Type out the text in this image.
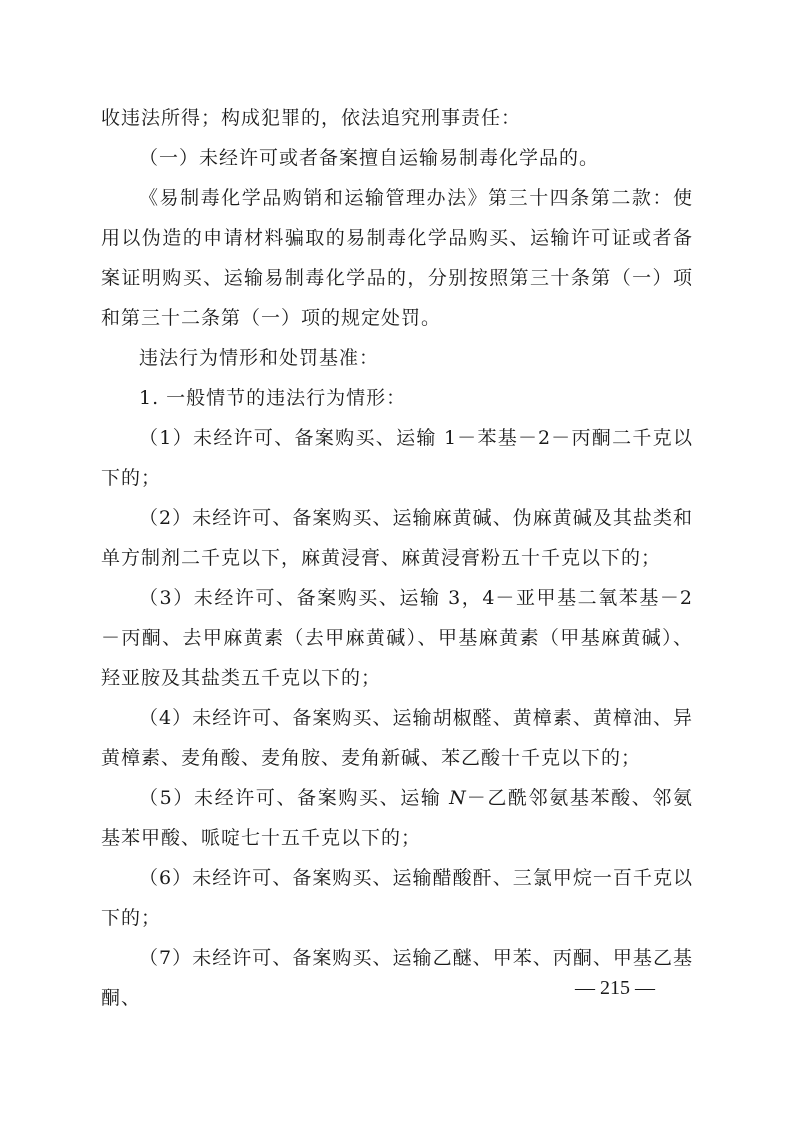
收违法所得；构成犯罪的，依法追究刑事责任：

（一）未经许可或者备案擅自运输易制毒化学品的。

《易制毒化学品购销和运输管理办法》第三十四条第二款：使用以伪造的申请材料骗取的易制毒化学品购买、运输许可证或者备案证明购买、运输易制毒化学品的，分别按照第三十条第（一）项和第三十二条第（一）项的规定处罚。

违法行为情形和处罚基准：

1. 一般情节的违法行为情形：

（1）未经许可、备案购买、运输 1－苯基－2－丙酮二千克以下的；

（2）未经许可、备案购买、运输麻黄碱、伪麻黄碱及其盐类和单方制剂二千克以下，麻黄浸膏、麻黄浸膏粉五十千克以下的；

（3）未经许可、备案购买、运输 3，4－亚甲基二氧苯基－2－丙酮、去甲麻黄素（去甲麻黄碱）、甲基麻黄素（甲基麻黄碱）、羟亚胺及其盐类五千克以下的；

（4）未经许可、备案购买、运输胡椒醛、黄樟素、黄樟油、异黄樟素、麦角酸、麦角胺、麦角新碱、苯乙酸十千克以下的；

（5）未经许可、备案购买、运输 N－乙酰邻氨基苯酸、邻氨基苯甲酸、哌啶七十五千克以下的；

（6）未经许可、备案购买、运输醋酸酐、三氯甲烷一百千克以下的；

（7）未经许可、备案购买、运输乙醚、甲苯、丙酮、甲基乙基酮、	— 215 —
